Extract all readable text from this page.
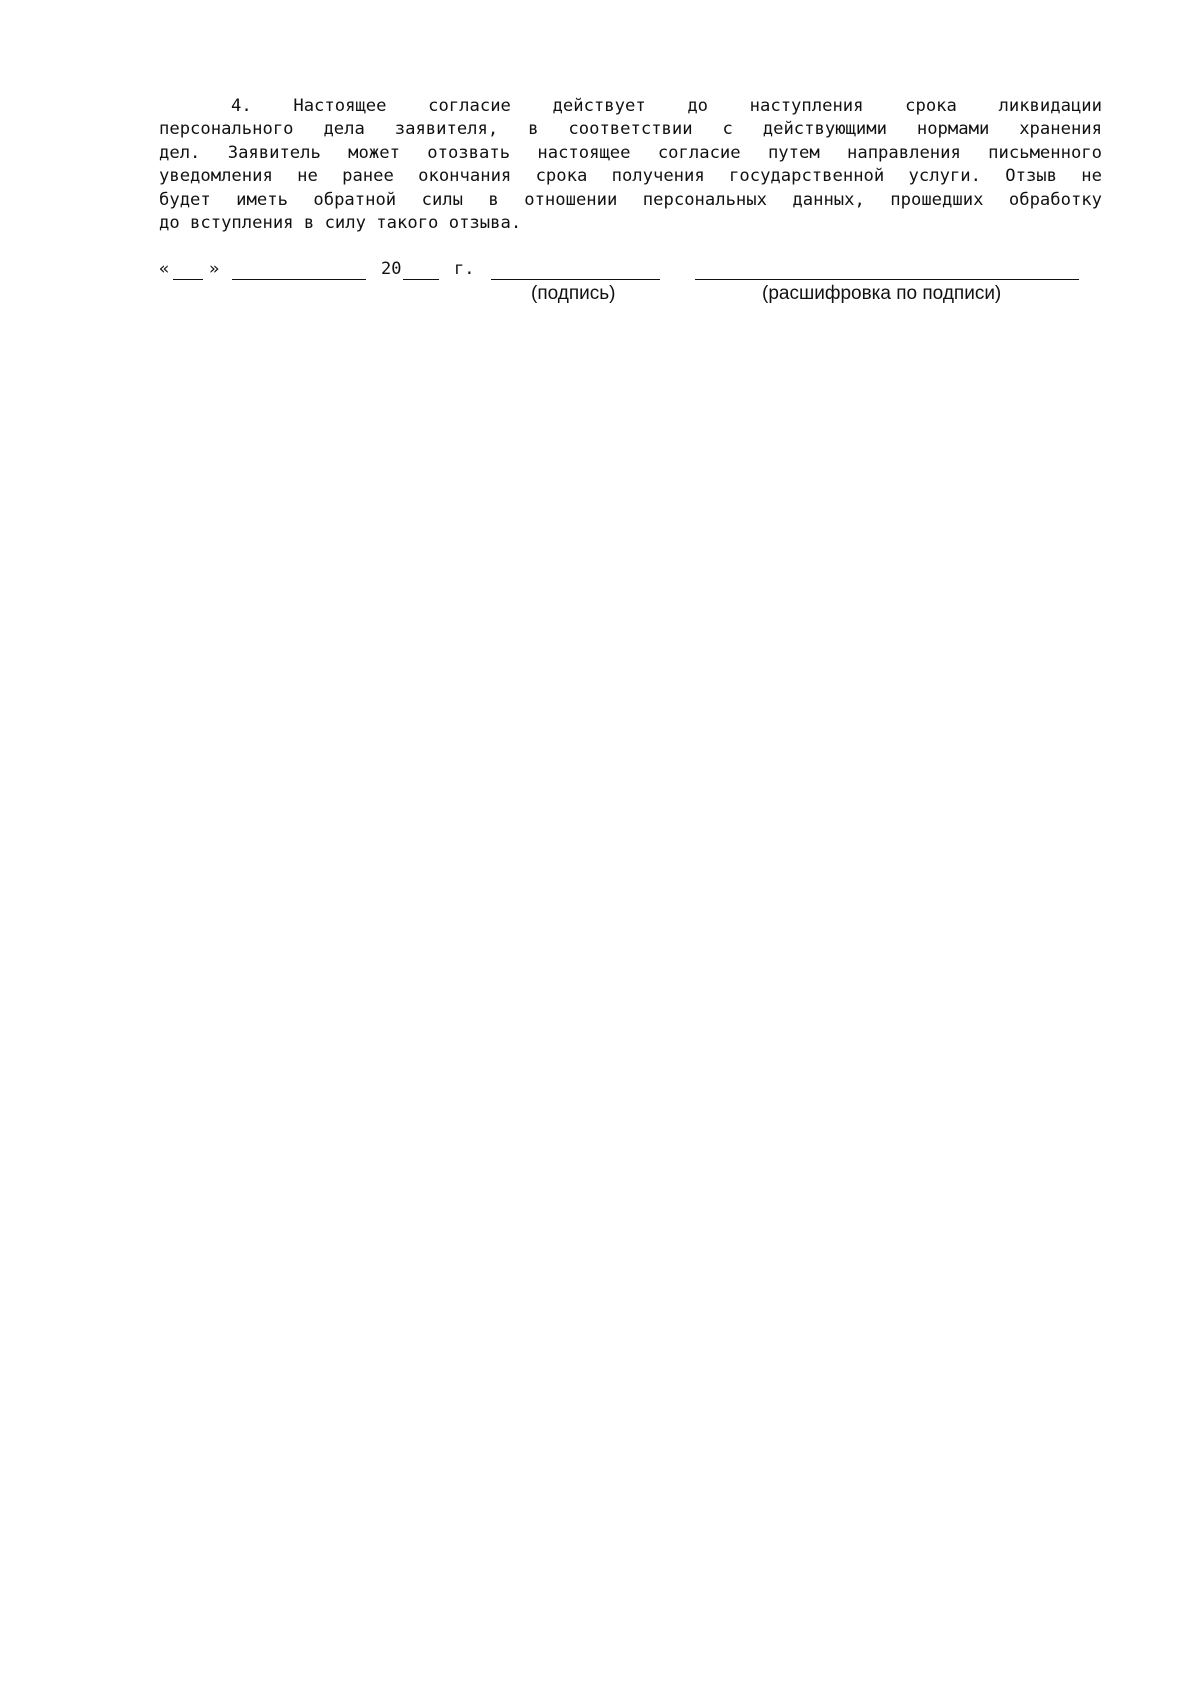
4. Настоящее согласие действует до наступления срока ликвидации
персонального дела заявителя, в соответствии с действующими нормами хранения
дел. Заявитель может отозвать настоящее согласие путем направления письменного
уведомления не ранее окончания срока получения государственной услуги. Отзыв не
будет иметь обратной силы в отношении персональных данных, прошедших обработку
до вступления в силу такого отзыва.
« »	20	г.
(подпись)	(расшифровка по подписи)
